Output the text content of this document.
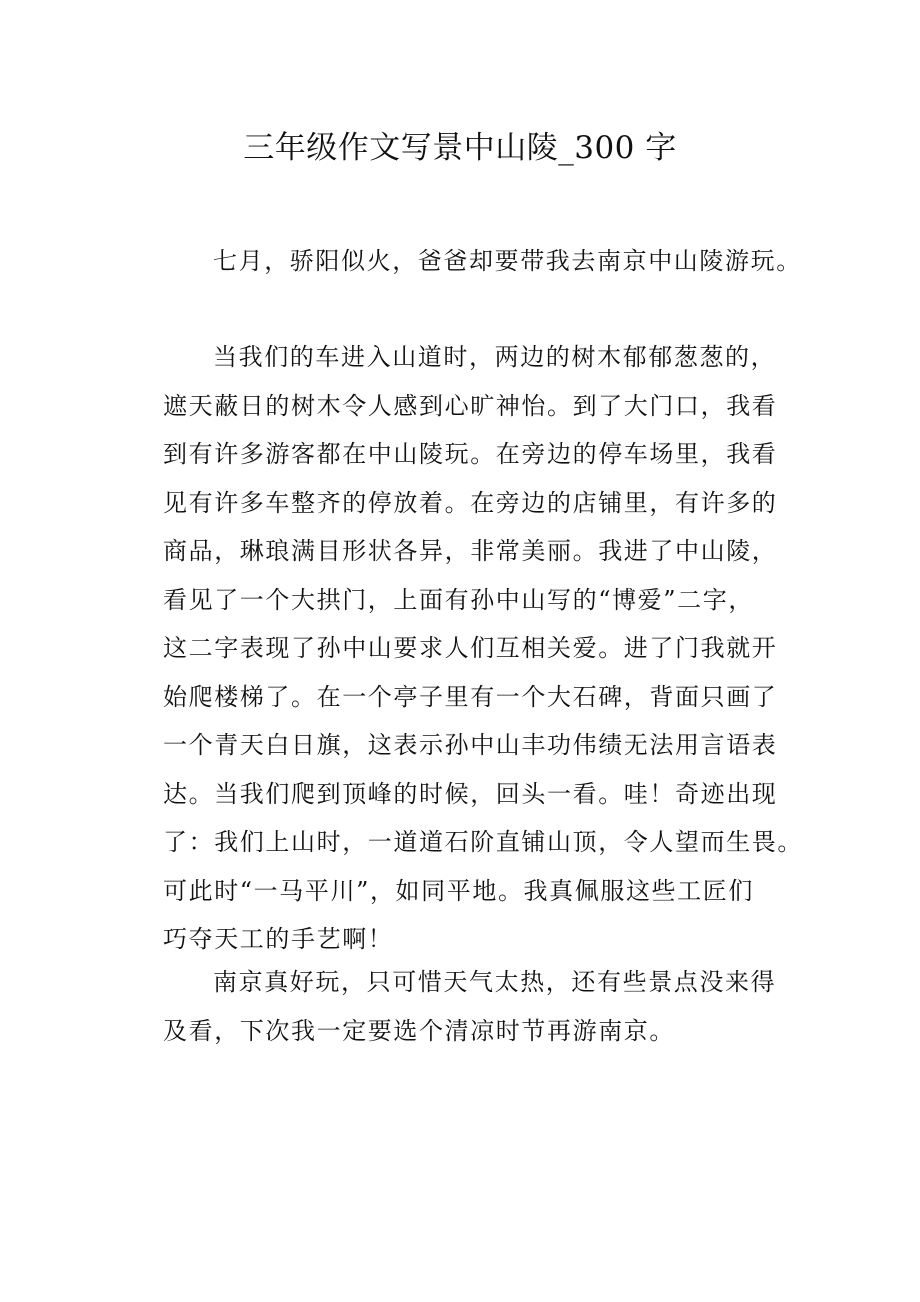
三年级作文写景中山陵_300 字
七月，骄阳似火，爸爸却要带我去南京中山陵游玩。
当我们的车进入山道时，两边的树木郁郁葱葱的，
遮天蔽日的树木令人感到心旷神怡。到了大门口，我看
到有许多游客都在中山陵玩。在旁边的停车场里，我看
见有许多车整齐的停放着。在旁边的店铺里，有许多的
商品，琳琅满目形状各异，非常美丽。我进了中山陵，
看见了一个大拱门，上面有孙中山写的“博爱”二字，
这二字表现了孙中山要求人们互相关爱。进了门我就开
始爬楼梯了。在一个亭子里有一个大石碑，背面只画了
一个青天白日旗，这表示孙中山丰功伟绩无法用言语表
达。当我们爬到顶峰的时候，回头一看。哇！奇迹出现
了：我们上山时，一道道石阶直铺山顶，令人望而生畏。
可此时“一马平川”，如同平地。我真佩服这些工匠们
巧夺天工的手艺啊！
南京真好玩，只可惜天气太热，还有些景点没来得
及看，下次我一定要选个清凉时节再游南京。
